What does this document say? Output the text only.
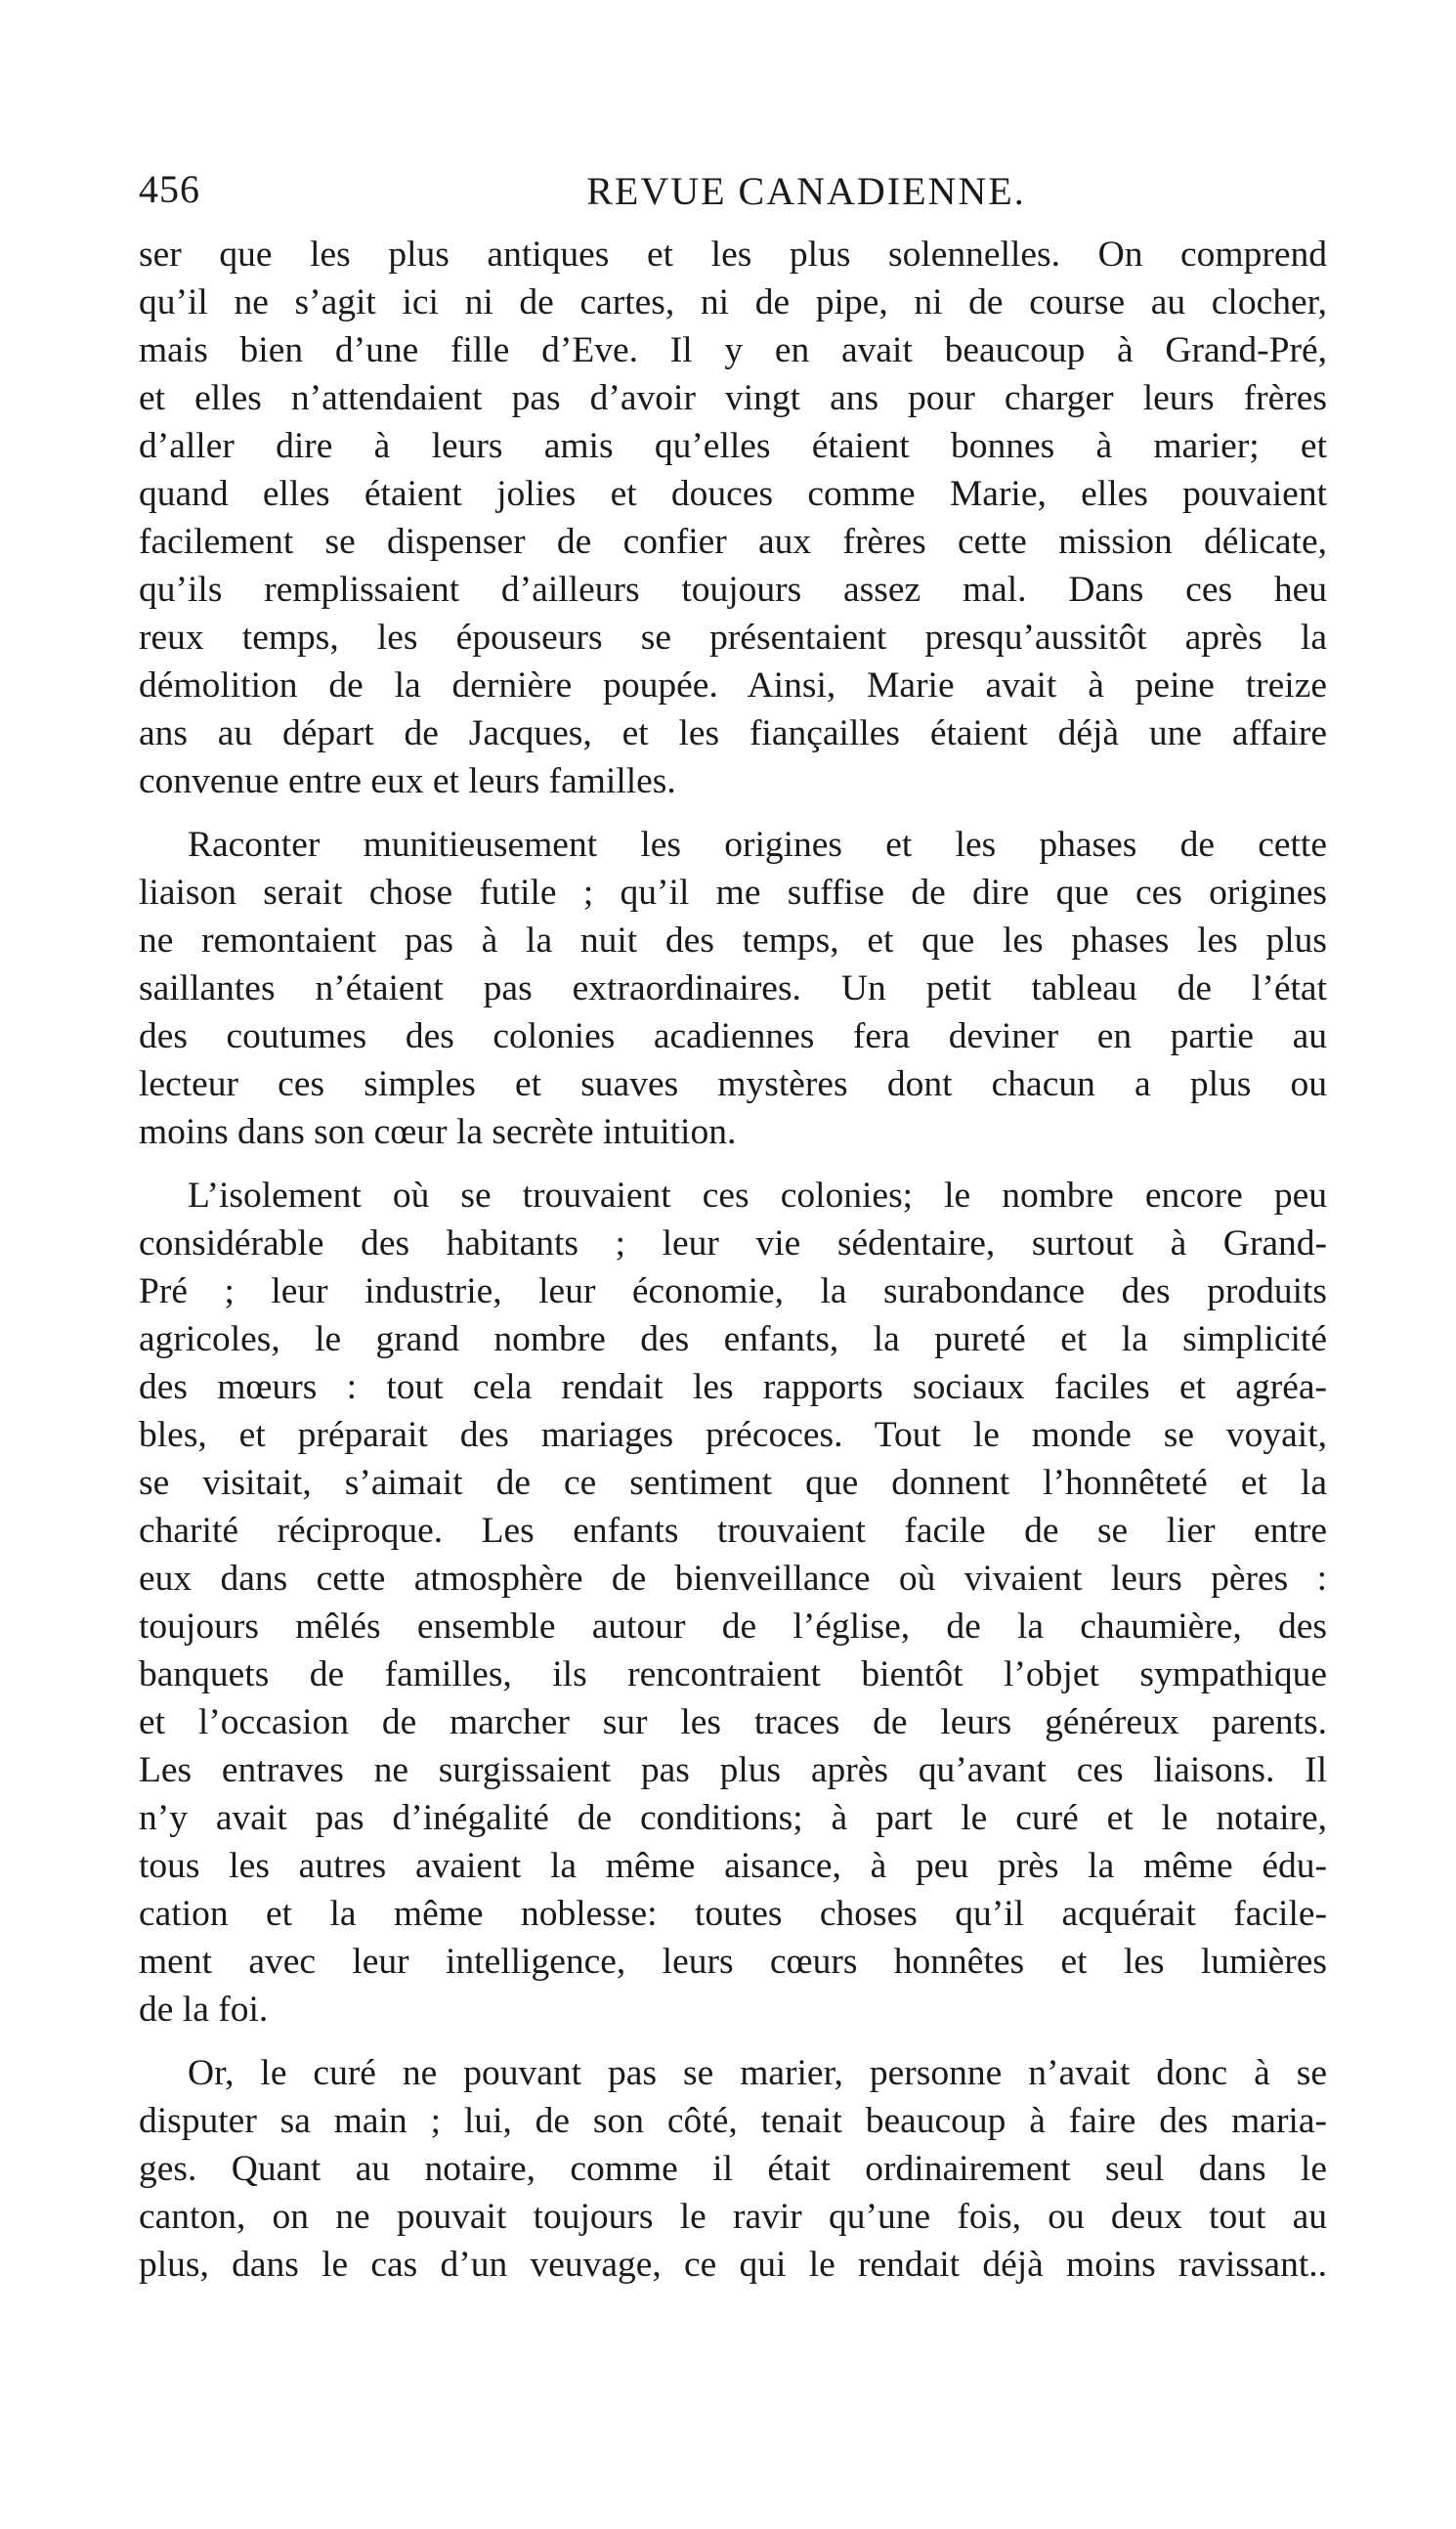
456	REVUE CANADIENNE.
ser que les plus antiques et les plus solennelles. On comprend
qu’il ne s’agit ici ni de cartes, ni de pipe, ni de course au clocher,
mais bien d’une fille d’Eve. Il y en avait beaucoup à Grand-Pré,
et elles n’attendaient pas d’avoir vingt ans pour charger leurs frères
d’aller dire à leurs amis qu’elles étaient bonnes à marier; et
quand elles étaient jolies et douces comme Marie, elles pouvaient
facilement se dispenser de confier aux frères cette mission délicate,
qu’ils remplissaient d’ailleurs toujours assez mal. Dans ces heu
reux temps, les épouseurs se présentaient presqu’aussitôt après la
démolition de la dernière poupée. Ainsi, Marie avait à peine treize
ans au départ de Jacques, et les fiançailles étaient déjà une affaire
convenue entre eux et leurs familles.
Raconter munitieusement les origines et les phases de cette
liaison serait chose futile ; qu’il me suffise de dire que ces origines
ne remontaient pas à la nuit des temps, et que les phases les plus
saillantes n’étaient pas extraordinaires. Un petit tableau de l’état
des coutumes des colonies acadiennes fera deviner en partie au
lecteur ces simples et suaves mystères dont chacun a plus ou
moins dans son cœur la secrète intuition.
L’isolement où se trouvaient ces colonies; le nombre encore peu
considérable des habitants ; leur vie sédentaire, surtout à Grand-
Pré ; leur industrie, leur économie, la surabondance des produits
agricoles, le grand nombre des enfants, la pureté et la simplicité
des mœurs : tout cela rendait les rapports sociaux faciles et agréa-
bles, et préparait des mariages précoces. Tout le monde se voyait,
se visitait, s’aimait de ce sentiment que donnent l’honnêteté et la
charité réciproque. Les enfants trouvaient facile de se lier entre
eux dans cette atmosphère de bienveillance où vivaient leurs pères :
toujours mêlés ensemble autour de l’église, de la chaumière, des
banquets de familles, ils rencontraient bientôt l’objet sympathique
et l’occasion de marcher sur les traces de leurs généreux parents.
Les entraves ne surgissaient pas plus après qu’avant ces liaisons. Il
n’y avait pas d’inégalité de conditions; à part le curé et le notaire,
tous les autres avaient la même aisance, à peu près la même édu-
cation et la même noblesse: toutes choses qu’il acquérait facile-
ment avec leur intelligence, leurs cœurs honnêtes et les lumières
de la foi.
Or, le curé ne pouvant pas se marier, personne n’avait donc à se
disputer sa main ; lui, de son côté, tenait beaucoup à faire des maria-
ges. Quant au notaire, comme il était ordinairement seul dans le
canton, on ne pouvait toujours le ravir qu’une fois, ou deux tout au
plus, dans le cas d’un veuvage, ce qui le rendait déjà moins ravissant..
